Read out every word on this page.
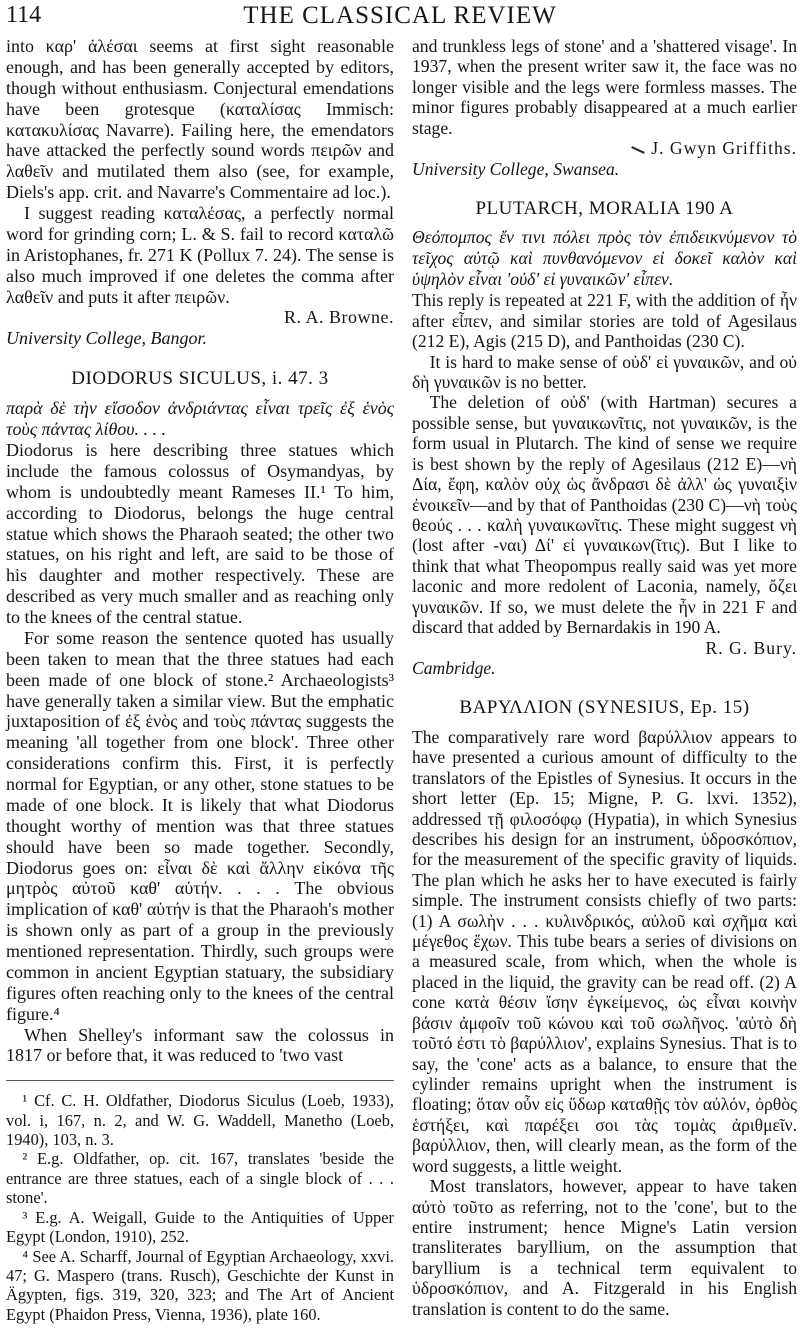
114	THE CLASSICAL REVIEW

into καρ' ἀλέσαι seems at first sight reasonable enough, and has been generally accepted by editors, though without enthusiasm. Conjectural emendations have been grotesque (καταλίσας Immisch: κατακυλίσας Navarre). Failing here, the emendators have attacked the perfectly sound words πειρῶν and λαθεῖν and mutilated them also (see, for example, Diels's app. crit. and Navarre's Commentaire ad loc.).

I suggest reading καταλέσας, a perfectly normal word for grinding corn; L. & S. fail to record καταλῶ in Aristophanes, fr. 271 K (Pollux 7. 24). The sense is also much improved if one deletes the comma after λαθεῖν and puts it after πειρῶν.

R. A. Browne.

University College, Bangor.

DIODORUS SICULUS, i. 47. 3

παρὰ δὲ τὴν εἴσοδον ἀνδριάντας εἶναι τρεῖς ἐξ ἑνὸς τοὺς πάντας λίθου. . . .

Diodorus is here describing three statues which include the famous colossus of Osymandyas, by whom is undoubtedly meant Rameses II.¹ To him, according to Diodorus, belongs the huge central statue which shows the Pharaoh seated; the other two statues, on his right and left, are said to be those of his daughter and mother respectively. These are described as very much smaller and as reaching only to the knees of the central statue.

For some reason the sentence quoted has usually been taken to mean that the three statues had each been made of one block of stone.² Archaeologists³ have generally taken a similar view. But the emphatic juxtaposition of ἐξ ἑνὸς and τοὺς πάντας suggests the meaning 'all together from one block'. Three other considerations confirm this. First, it is perfectly normal for Egyptian, or any other, stone statues to be made of one block. It is likely that what Diodorus thought worthy of mention was that three statues should have been so made together. Secondly, Diodorus goes on: εἶναι δὲ καὶ ἄλλην εἰκόνα τῆς μητρὸς αὐτοῦ καθ' αὑτήν. . . . The obvious implication of καθ' αὑτήν is that the Pharaoh's mother is shown only as part of a group in the previously mentioned representation. Thirdly, such groups were common in ancient Egyptian statuary, the subsidiary figures often reaching only to the knees of the central figure.⁴

When Shelley's informant saw the colossus in 1817 or before that, it was reduced to 'two vast

¹ Cf. C. H. Oldfather, Diodorus Siculus (Loeb, 1933), vol. i, 167, n. 2, and W. G. Waddell, Manetho (Loeb, 1940), 103, n. 3.

² E.g. Oldfather, op. cit. 167, translates 'beside the entrance are three statues, each of a single block of . . . stone'.

³ E.g. A. Weigall, Guide to the Antiquities of Upper Egypt (London, 1910), 252.

⁴ See A. Scharff, Journal of Egyptian Archaeology, xxvi. 47; G. Maspero (trans. Rusch), Geschichte der Kunst in Ägypten, figs. 319, 320, 323; and The Art of Ancient Egypt (Phaidon Press, Vienna, 1936), plate 160.

and trunkless legs of stone' and a 'shattered visage'. In 1937, when the present writer saw it, the face was no longer visible and the legs were formless masses. The minor figures probably disappeared at a much earlier stage.

J. Gwyn Griffiths.

University College, Swansea.

PLUTARCH, MORALIA 190 A

Θεόπομπος ἔν τινι πόλει πρὸς τὸν ἐπιδεικνύμενον τὸ τεῖχος αὐτῷ καὶ πυνθανόμενον εἰ δοκεῖ καλὸν καὶ ὑψηλὸν εἶναι 'οὐδ' εἰ γυναικῶν' εἶπεν.

This reply is repeated at 221 F, with the addition of ἦν after εἶπεν, and similar stories are told of Agesilaus (212 E), Agis (215 D), and Panthoidas (230 C).

It is hard to make sense of οὐδ' εἰ γυναικῶν, and οὐ δὴ γυναικῶν is no better.

The deletion of οὐδ' (with Hartman) secures a possible sense, but γυναικωνῖτις, not γυναικῶν, is the form usual in Plutarch. The kind of sense we require is best shown by the reply of Agesilaus (212 E)—νὴ Δία, ἔφη, καλὸν οὐχ ὡς ἄνδρασι δὲ ἀλλ' ὡς γυναιξὶν ἐνοικεῖν—and by that of Panthoidas (230 C)—νὴ τοὺς θεούς . . . καλὴ γυναικωνῖτις. These might suggest νὴ (lost after -ναι) Δί' εἰ γυναικων(ῖτις). But I like to think that what Theopompus really said was yet more laconic and more redolent of Laconia, namely, ὄζει γυναικῶν. If so, we must delete the ἦν in 221 F and discard that added by Bernardakis in 190 A.

R. G. Bury.

Cambridge.

ΒΑΡΥΛΛΙΟΝ (SYNESIUS, Ep. 15)

The comparatively rare word βαρύλλιον appears to have presented a curious amount of difficulty to the translators of the Epistles of Synesius. It occurs in the short letter (Ep. 15; Migne, P. G. lxvi. 1352), addressed τῇ φιλοσόφῳ (Hypatia), in which Synesius describes his design for an instrument, ὑδροσκόπιον, for the measurement of the specific gravity of liquids. The plan which he asks her to have executed is fairly simple. The instrument consists chiefly of two parts: (1) A σωλὴν . . . κυλινδρικός, αὐλοῦ καὶ σχῆμα καὶ μέγεθος ἔχων. This tube bears a series of divisions on a measured scale, from which, when the whole is placed in the liquid, the gravity can be read off. (2) A cone κατὰ θέσιν ἴσην ἐγκείμενος, ὡς εἶναι κοινὴν βάσιν ἀμφοῖν τοῦ κώνου καὶ τοῦ σωλῆνος. 'αὐτὸ δὴ τοῦτό ἐστι τὸ βαρύλλιον', explains Synesius. That is to say, the 'cone' acts as a balance, to ensure that the cylinder remains upright when the instrument is floating; ὅταν οὖν εἰς ὕδωρ καταθῇς τὸν αὐλόν, ὀρθὸς ἑστήξει, καὶ παρέξει σοι τὰς τομὰς ἀριθμεῖν. βαρύλλιον, then, will clearly mean, as the form of the word suggests, a little weight.

Most translators, however, appear to have taken αὐτὸ τοῦτο as referring, not to the 'cone', but to the entire instrument; hence Migne's Latin version transliterates baryllium, on the assumption that baryllium is a technical term equivalent to ὑδροσκόπιον, and A. Fitzgerald in his English translation is content to do the same.
